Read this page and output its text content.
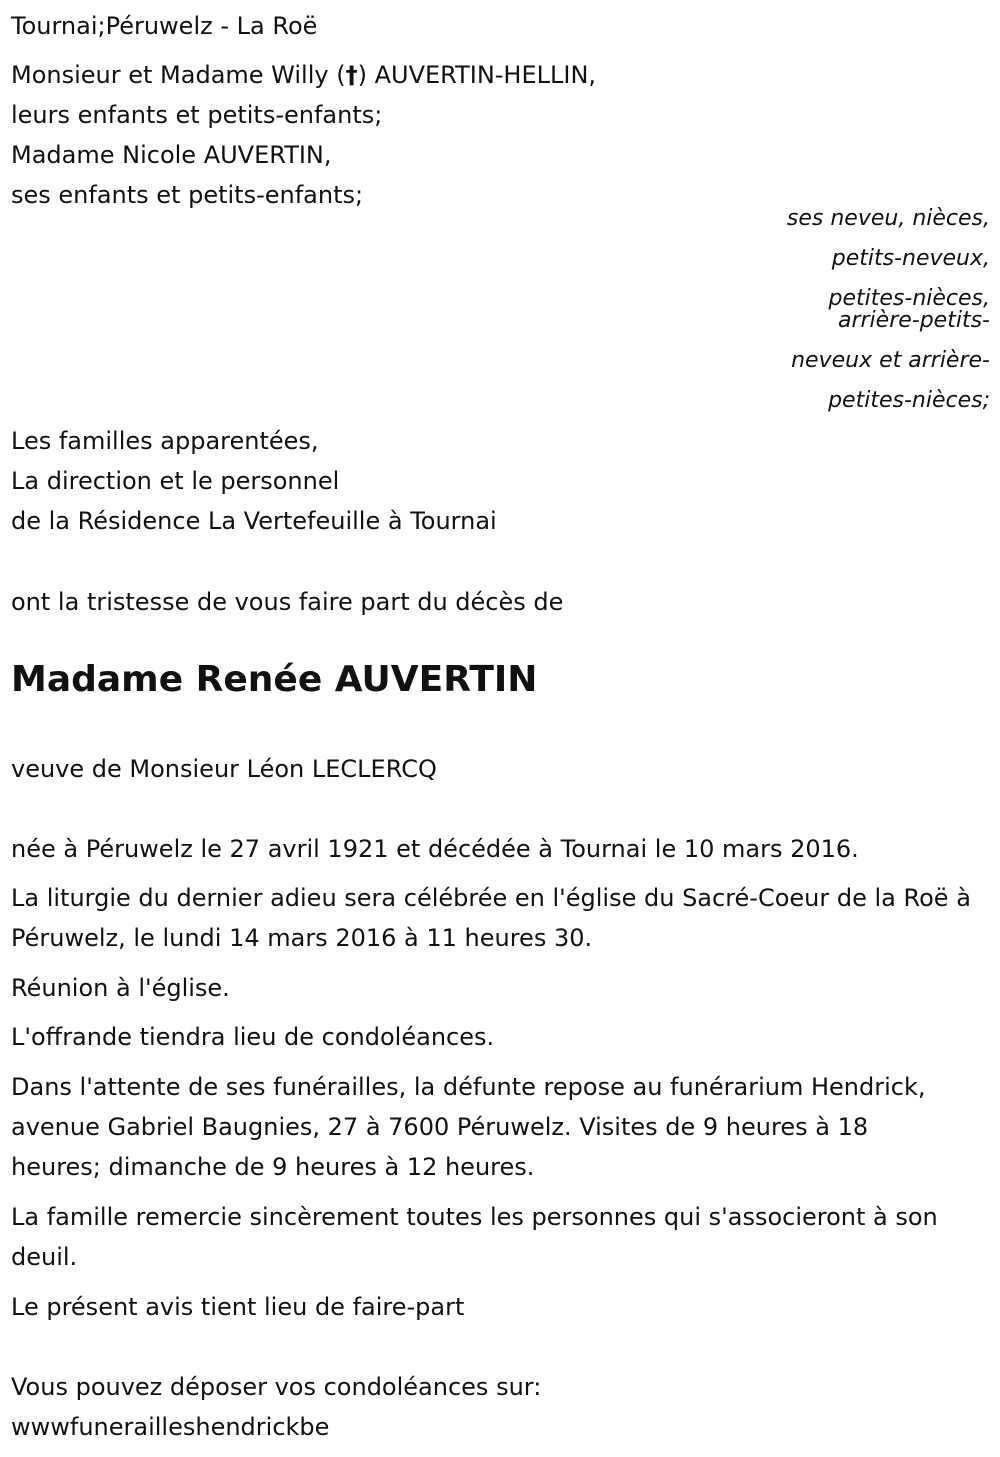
Tournai;Péruwelz - La Roë
Monsieur et Madame Willy (†) AUVERTIN-HELLIN,
leurs enfants et petits-enfants;
Madame Nicole AUVERTIN,
ses enfants et petits-enfants;
ses neveu, nièces,
petits-neveux,
petites-nièces,
arrière-petits-
neveux et arrière-
petites-nièces;
Les familles apparentées,
La direction et le personnel
de la Résidence La Vertefeuille à Tournai
ont la tristesse de vous faire part du décès de
Madame Renée AUVERTIN
veuve de Monsieur Léon LECLERCQ
née à Péruwelz le 27 avril 1921 et décédée à Tournai le 10 mars 2016.
La liturgie du dernier adieu sera célébrée en l'église du Sacré-Coeur de la Roë à Péruwelz, le lundi 14 mars 2016 à 11 heures 30.
Réunion à l'église.
L'offrande tiendra lieu de condoléances.
Dans l'attente de ses funérailles, la défunte repose au funérarium Hendrick, avenue Gabriel Baugnies, 27 à 7600 Péruwelz. Visites de 9 heures à 18 heures; dimanche de 9 heures à 12 heures.
La famille remercie sincèrement toutes les personnes qui s'associeront à son deuil.
Le présent avis tient lieu de faire-part
Vous pouvez déposer vos condoléances sur:
wwwfunerailleshendrickbe
